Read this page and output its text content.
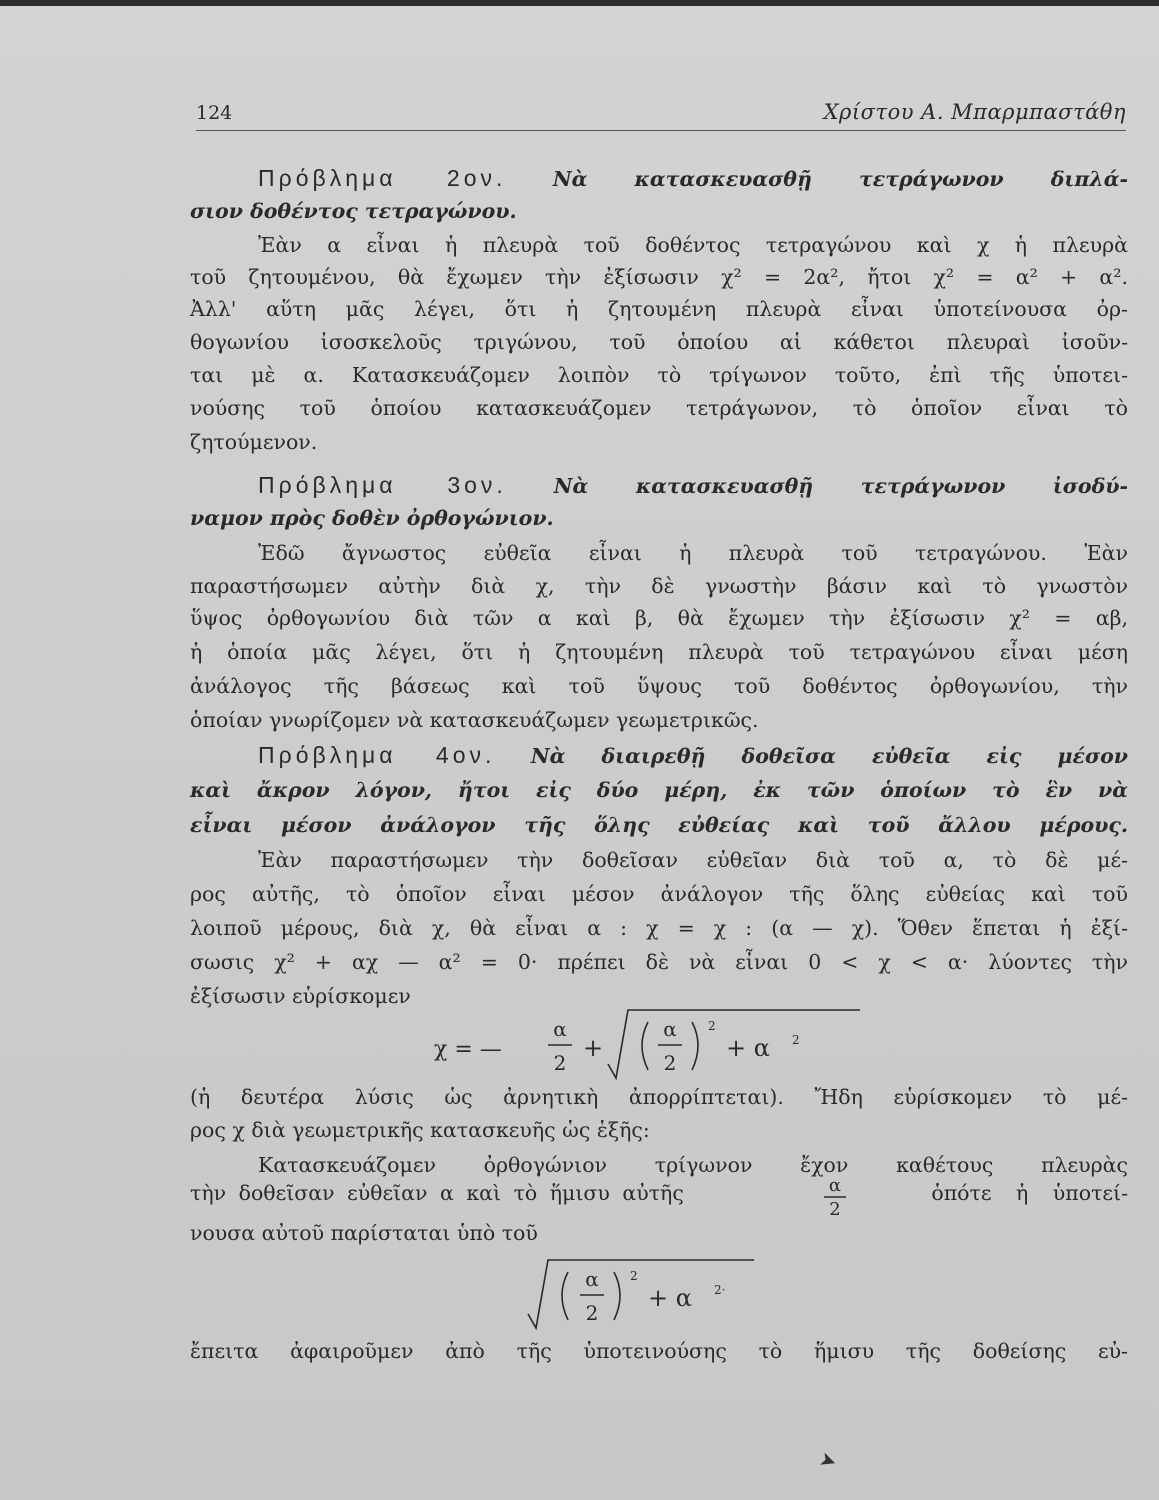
124	Χρίστου Α. Μπαρμπαστάθη

Πρόβλημα 2ον. Νὰ κατασκευασθῇ τετράγωνον διπλά-

σιον δοθέντος τετραγώνου.

Ἐὰν α εἶναι ἡ πλευρὰ τοῦ δοθέντος τετραγώνου καὶ χ ἡ πλευρὰ

τοῦ ζητουμένου, θὰ ἔχωμεν τὴν ἐξίσωσιν χ² = 2α², ἤτοι χ² = α² + α².

Ἀλλ' αὕτη μᾶς λέγει, ὅτι ἡ ζητουμένη πλευρὰ εἶναι ὑποτείνουσα ὀρ-

θογωνίου ἰσοσκελοῦς τριγώνου, τοῦ ὁποίου αἱ κάθετοι πλευραὶ ἰσοῦν-

ται μὲ α. Κατασκευάζομεν λοιπὸν τὸ τρίγωνον τοῦτο, ἐπὶ τῆς ὑποτει-

νούσης τοῦ ὁποίου κατασκευάζομεν τετράγωνον, τὸ ὁποῖον εἶναι τὸ

ζητούμενον.

Πρόβλημα 3ον. Νὰ κατασκευασθῇ τετράγωνον ἰσοδύ-

ναμον πρὸς δοθὲν ὀρθογώνιον.

Ἐδῶ ἄγνωστος εὐθεῖα εἶναι ἡ πλευρὰ τοῦ τετραγώνου. Ἐὰν

παραστήσωμεν αὐτὴν διὰ χ, τὴν δὲ γνωστὴν βάσιν καὶ τὸ γνωστὸν

ὕψος ὀρθογωνίου διὰ τῶν α καὶ β, θὰ ἔχωμεν τὴν ἐξίσωσιν χ² = αβ,

ἡ ὁποία μᾶς λέγει, ὅτι ἡ ζητουμένη πλευρὰ τοῦ τετραγώνου εἶναι μέση

ἀνάλογος τῆς βάσεως καὶ τοῦ ὕψους τοῦ δοθέντος ὀρθογωνίου, τὴν

ὁποίαν γνωρίζομεν νὰ κατασκευάζωμεν γεωμετρικῶς.

Πρόβλημα 4ον. Νὰ διαιρεθῇ δοθεῖσα εὐθεῖα εἰς μέσον

καὶ ἄκρον λόγον, ἤτοι εἰς δύο μέρη, ἐκ τῶν ὁποίων τὸ ἓν νὰ

εἶναι μέσον ἀνάλογον τῆς ὅλης εὐθείας καὶ τοῦ ἄλλου μέρους.

Ἐὰν παραστήσωμεν τὴν δοθεῖσαν εὐθεῖαν διὰ τοῦ α, τὸ δὲ μέ-

ρος αὐτῆς, τὸ ὁποῖον εἶναι μέσον ἀνάλογον τῆς ὅλης εὐθείας καὶ τοῦ

λοιποῦ μέρους, διὰ χ, θὰ εἶναι α : χ = χ : (α — χ). Ὅθεν ἕπεται ἡ ἐξί-

σωσις χ² + αχ — α² = 0· πρέπει δὲ νὰ εἶναι 0 < χ < α· λύοντες τὴν

ἐξίσωσιν εὑρίσκομεν

χ = —
α
2
+
α
2
2
+ α 2

(ἡ δευτέρα λύσις ὡς ἀρνητικὴ ἀπορρίπτεται). Ἤδη εὑρίσκομεν τὸ μέ-

ρος χ διὰ γεωμετρικῆς κατασκευῆς ὡς ἑξῆς:

Κατασκευάζομεν ὀρθογώνιον τρίγωνον ἔχον καθέτους πλευρὰς

τὴν δοθεῖσαν εὐθεῖαν α καὶ τὸ ἥμισυ αὐτῆς	α
2
ὁπότε ἡ ὑποτεί-

νουσα αὐτοῦ παρίσταται ὑπὸ τοῦ

α
2
2
+ α 2·

ἔπειτα ἀφαιροῦμεν ἀπὸ τῆς ὑποτεινούσης τὸ ἥμισυ τῆς δοθείσης εὐ-

➤
